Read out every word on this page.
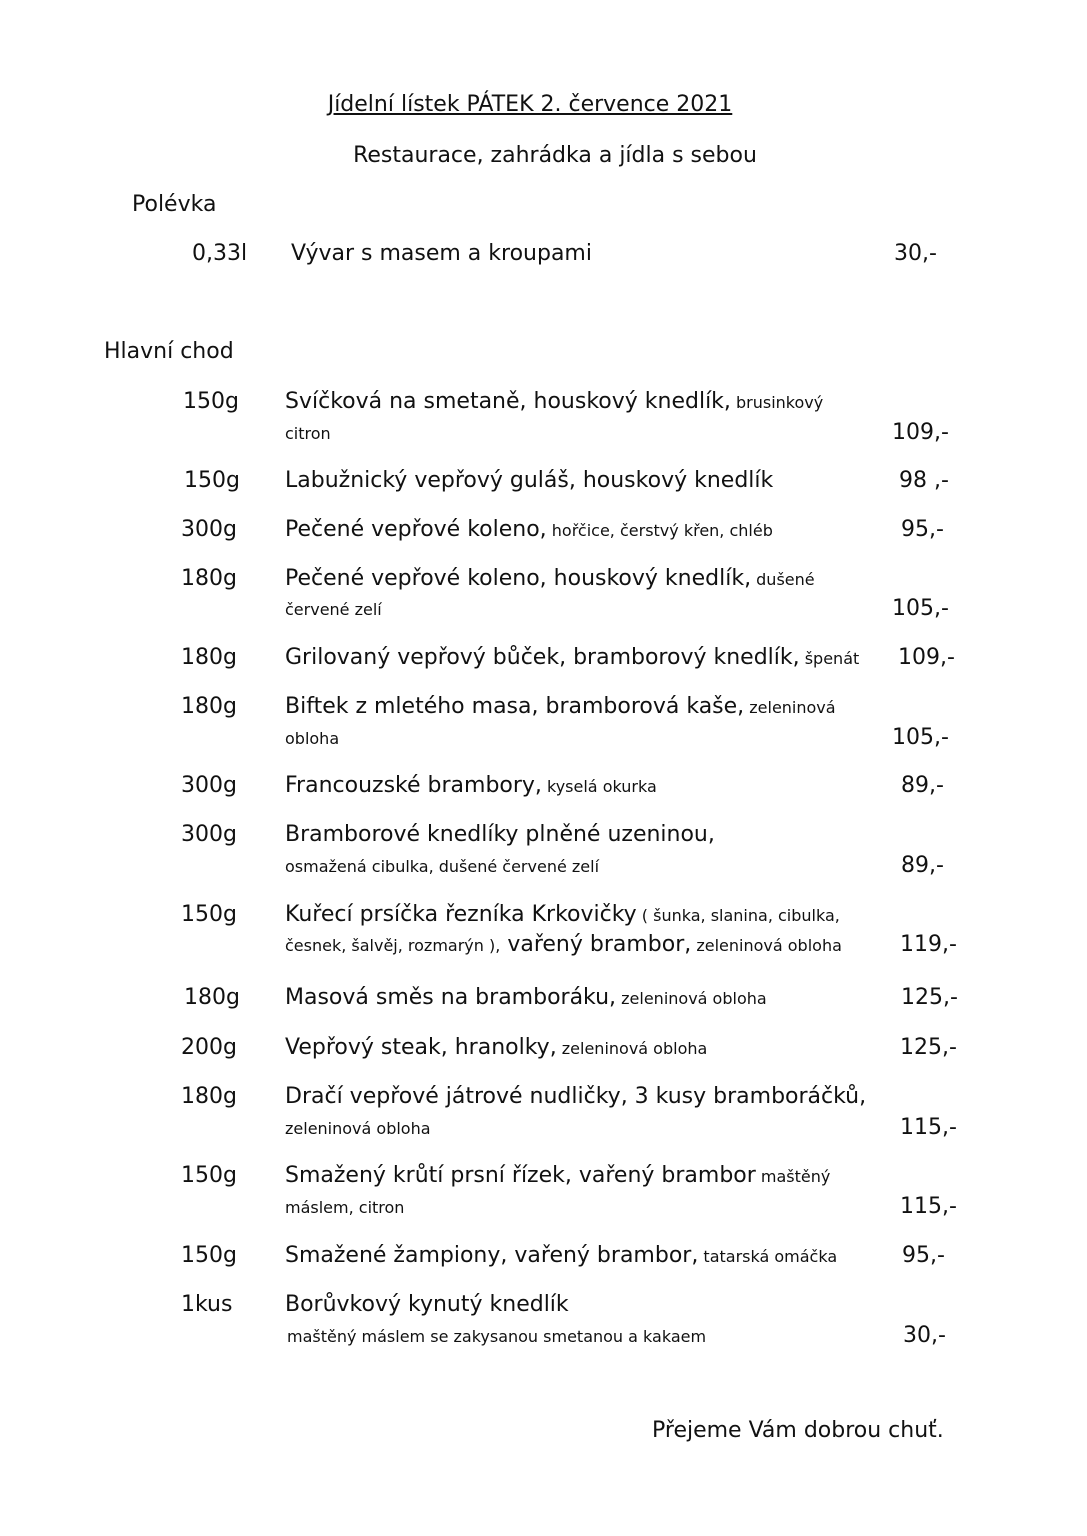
Jídelní lístek PÁTEK 2. července 2021
Restaurace, zahrádka a jídla s sebou
Polévka
0,33l Vývar s masem a kroupami	30,-
Hlavní chod
150g Svíčková na smetaně, houskový knedlík, brusinkový
citron	109,-
150g Labužnický vepřový guláš, houskový knedlík	98 ,-
300g Pečené vepřové koleno, hořčice, čerstvý křen, chléb	95,-
180g Pečené vepřové koleno, houskový knedlík, dušené
červené zelí	105,-
180g Grilovaný vepřový bůček, bramborový knedlík, špenát 109,-
180g Biftek z mletého masa, bramborová kaše, zeleninová
obloha	105,-
300g Francouzské brambory, kyselá okurka	89,-
300g Bramborové knedlíky plněné uzeninou,
osmažená cibulka, dušené červené zelí	89,-
150g Kuřecí prsíčka řezníka Krkovičky ( šunka, slanina, cibulka,
česnek, šalvěj, rozmarýn ), vařený brambor, zeleninová obloha	119,-
180g Masová směs na bramboráku, zeleninová obloha	125,-
200g Vepřový steak, hranolky, zeleninová obloha	125,-
180g Dračí vepřové játrové nudličky, 3 kusy bramboráčků,
zeleninová obloha	115,-
150g Smažený krůtí prsní řízek, vařený brambor maštěný
máslem, citron	115,-
150g Smažené žampiony, vařený brambor, tatarská omáčka	95,-
1kus Borůvkový kynutý knedlík
maštěný máslem se zakysanou smetanou a kakaem	30,-
Přejeme Vám dobrou chuť.
